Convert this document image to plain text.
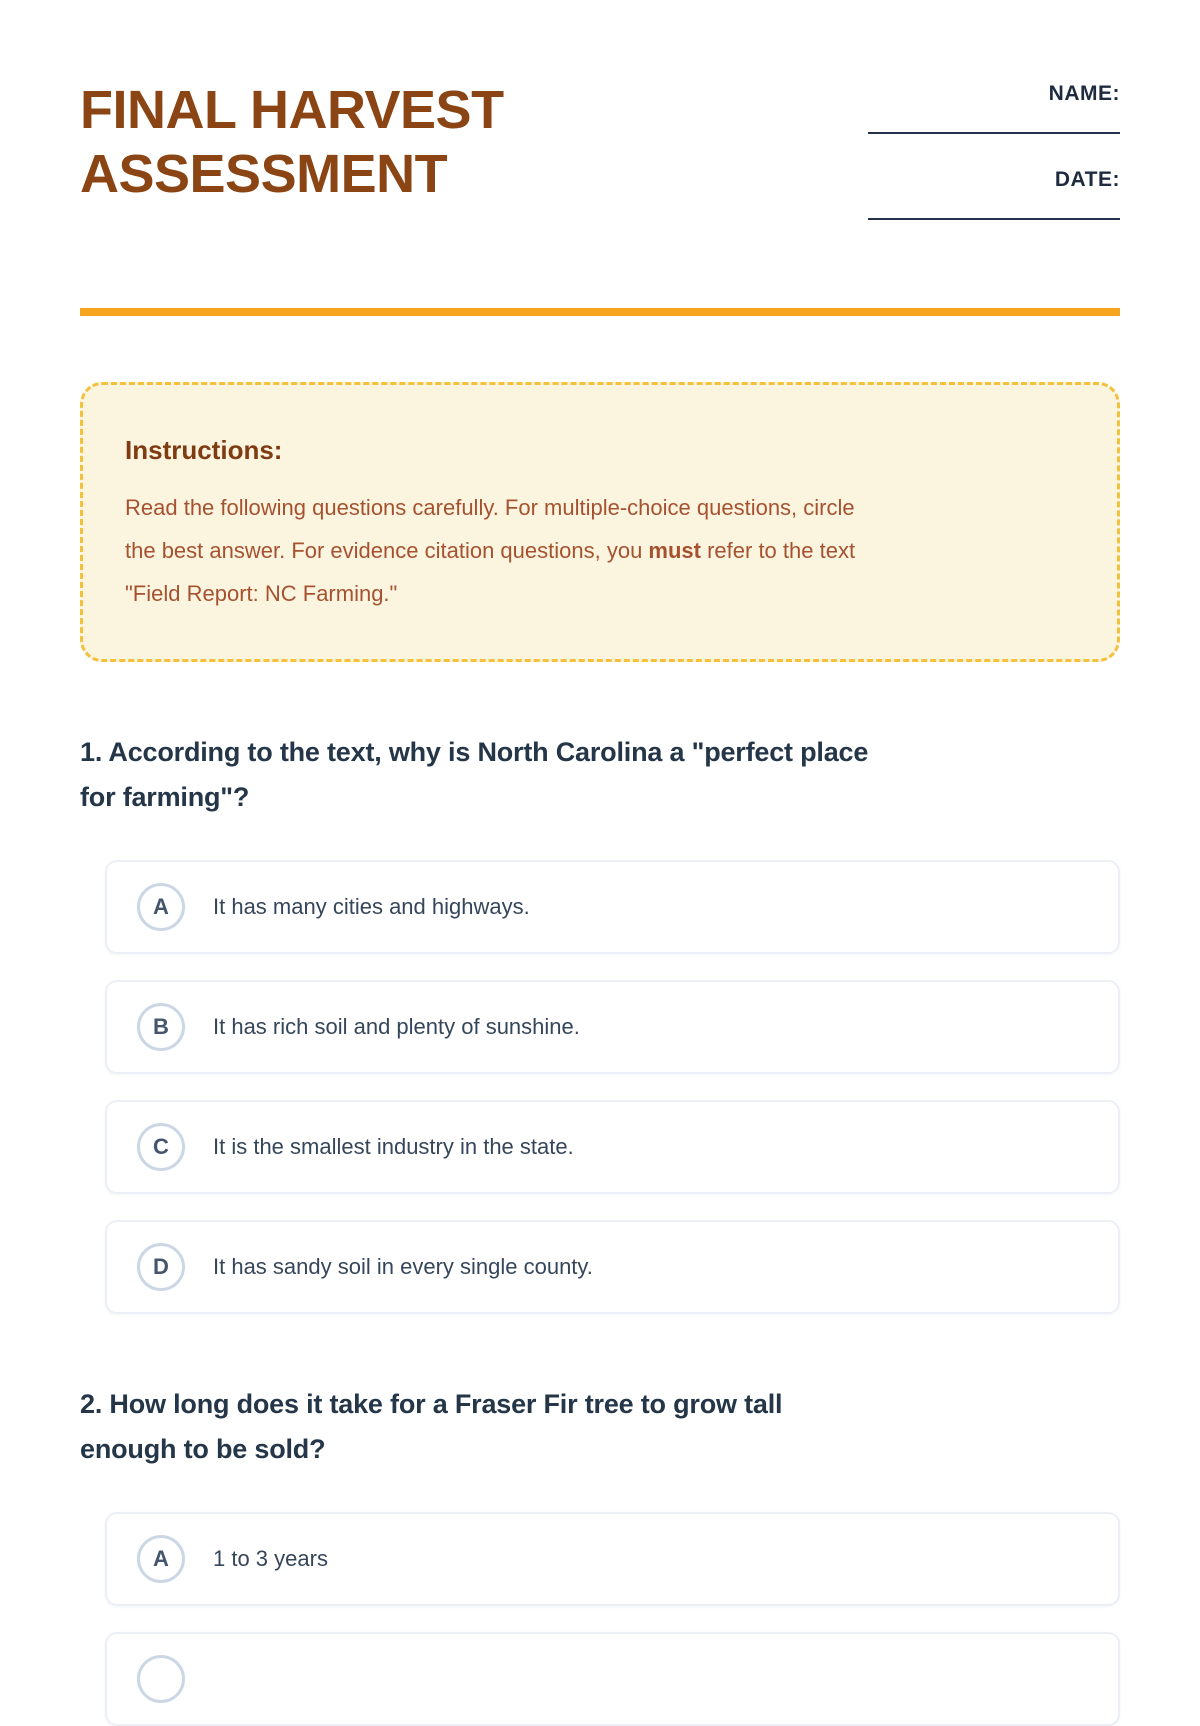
FINAL HARVEST ASSESSMENT
NAME:
DATE:
Instructions:
Read the following questions carefully. For multiple-choice questions, circle
the best answer. For evidence citation questions, you must refer to the text
"Field Report: NC Farming."
1. According to the text, why is North Carolina a "perfect place
for farming"?
A	It has many cities and highways.
B	It has rich soil and plenty of sunshine.
C	It is the smallest industry in the state.
D	It has sandy soil in every single county.
2. How long does it take for a Fraser Fir tree to grow tall
enough to be sold?
A	1 to 3 years
